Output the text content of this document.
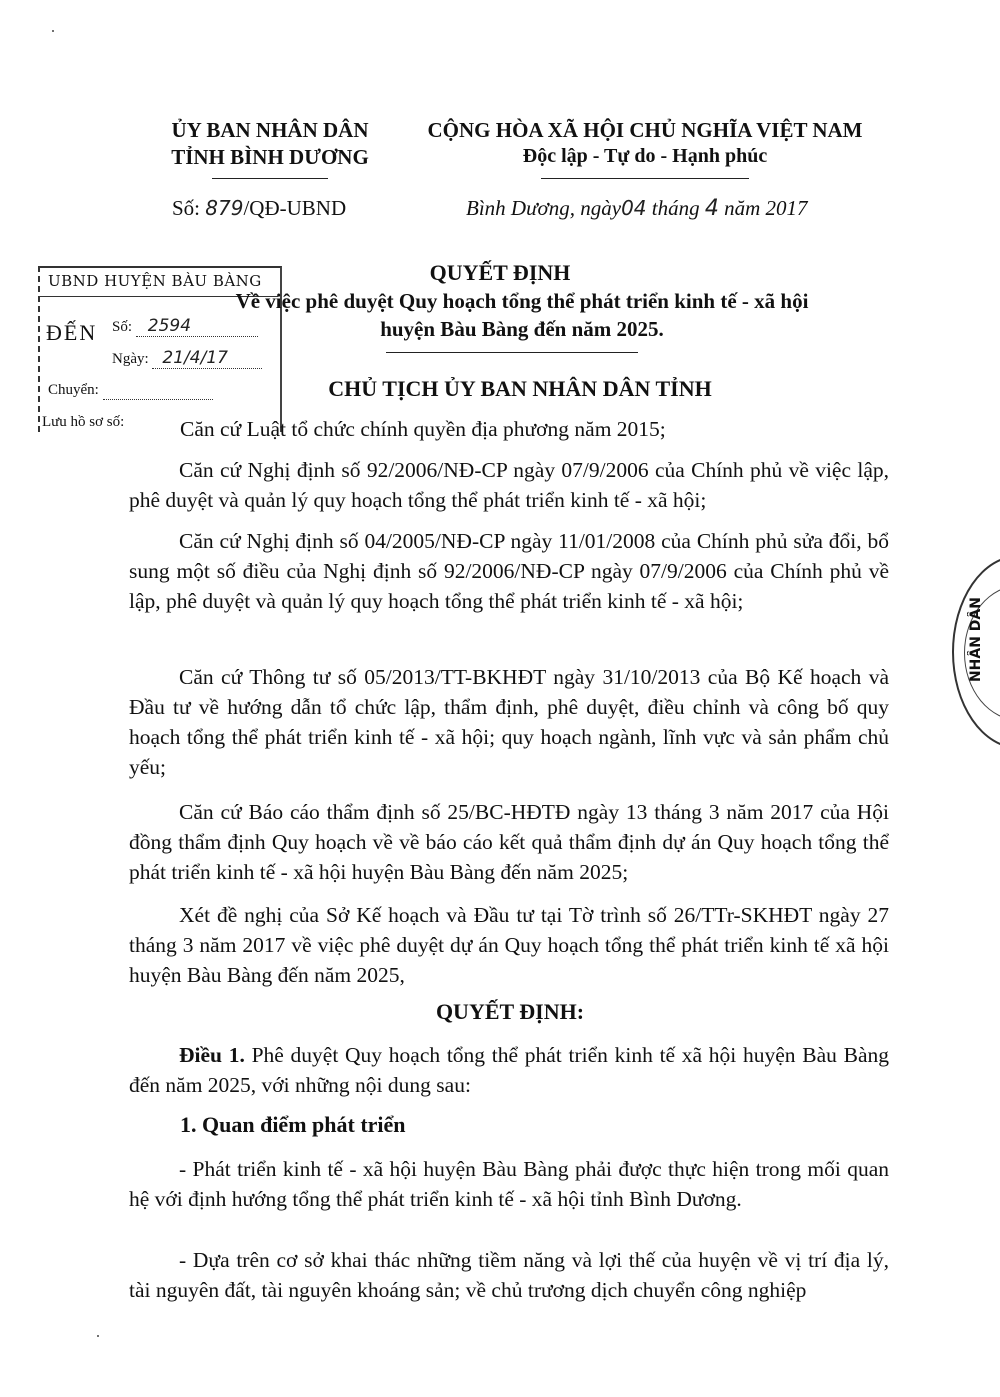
ỦY BAN NHÂN DÂN
TỈNH BÌNH DƯƠNG
CỘNG HÒA XÃ HỘI CHỦ NGHĨA VIỆT NAM
Độc lập - Tự do - Hạnh phúc
Số: 879/QĐ-UBND	Bình Dương, ngày04 tháng 4 năm 2017
UBND HUYỆN BÀU BÀNG
ĐẾN Số: 2594
Ngày: 21/4/17
Chuyển:
Lưu hồ sơ số:
QUYẾT ĐỊNH
Về việc phê duyệt Quy hoạch tổng thể phát triển kinh tế - xã hội
huyện Bàu Bàng đến năm 2025.
CHỦ TỊCH ỦY BAN NHÂN DÂN TỈNH
Căn cứ Luật tổ chức chính quyền địa phương năm 2015;
Căn cứ Nghị định số 92/2006/NĐ-CP ngày 07/9/2006 của Chính phủ về việc lập, phê duyệt và quản lý quy hoạch tổng thể phát triển kinh tế - xã hội;
Căn cứ Nghị định số 04/2005/NĐ-CP ngày 11/01/2008 của Chính phủ sửa đổi, bổ sung một số điều của Nghị định số 92/2006/NĐ-CP ngày 07/9/2006 của Chính phủ về lập, phê duyệt và quản lý quy hoạch tổng thể phát triển kinh tế - xã hội;
Căn cứ Thông tư số 05/2013/TT-BKHĐT ngày 31/10/2013 của Bộ Kế hoạch và Đầu tư về hướng dẫn tổ chức lập, thẩm định, phê duyệt, điều chỉnh và công bố quy hoạch tổng thể phát triển kinh tế - xã hội; quy hoạch ngành, lĩnh vực và sản phẩm chủ yếu;
Căn cứ Báo cáo thẩm định số 25/BC-HĐTĐ ngày 13 tháng 3 năm 2017 của Hội đồng thẩm định Quy hoạch về về báo cáo kết quả thẩm định dự án Quy hoạch tổng thể phát triển kinh tế - xã hội huyện Bàu Bàng đến năm 2025;
Xét đề nghị của Sở Kế hoạch và Đầu tư tại Tờ trình số 26/TTr-SKHĐT ngày 27 tháng 3 năm 2017 về việc phê duyệt dự án Quy hoạch tổng thể phát triển kinh tế xã hội huyện Bàu Bàng đến năm 2025,
QUYẾT ĐỊNH:
Điều 1. Phê duyệt Quy hoạch tổng thể phát triển kinh tế xã hội huyện Bàu Bàng đến năm 2025, với những nội dung sau:
1. Quan điểm phát triển
- Phát triển kinh tế - xã hội huyện Bàu Bàng phải được thực hiện trong mối quan hệ với định hướng tổng thể phát triển kinh tế - xã hội tỉnh Bình Dương.
- Dựa trên cơ sở khai thác những tiềm năng và lợi thế của huyện về vị trí địa lý, tài nguyên đất, tài nguyên khoáng sản; về chủ trương dịch chuyển công nghiệp
NHÂN DÂN
